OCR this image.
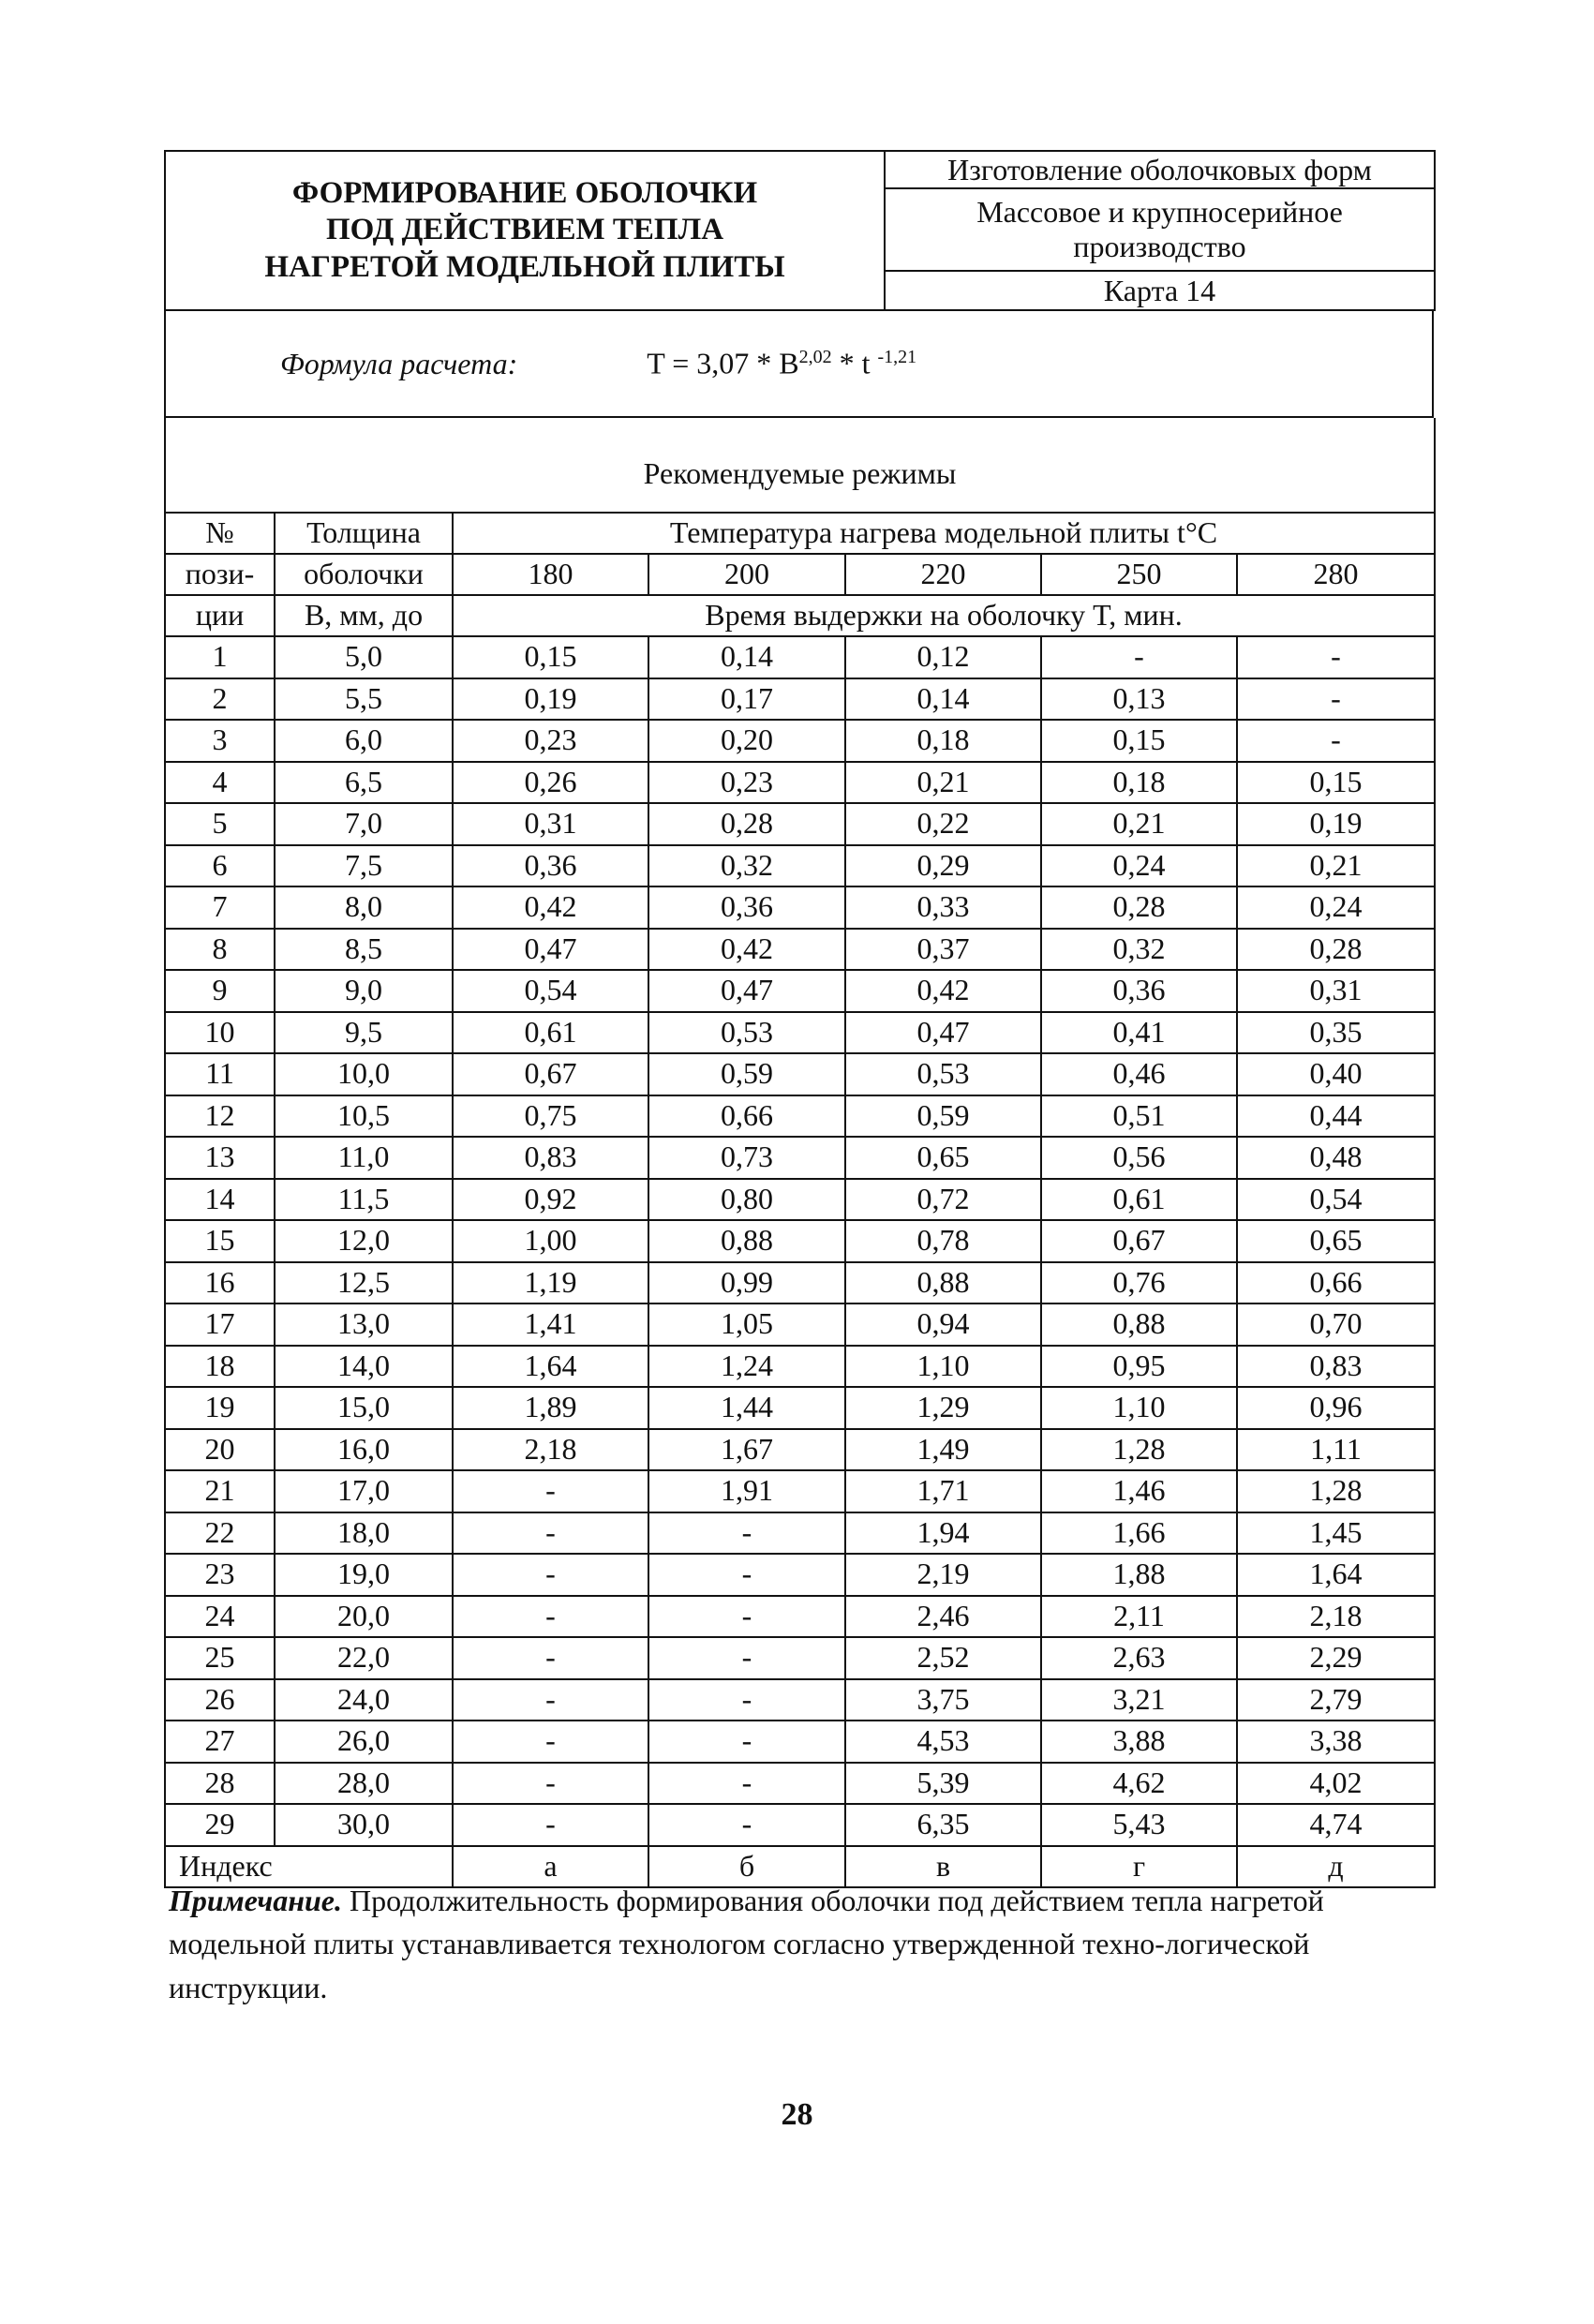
ФОРМИРОВАНИЕ ОБОЛОЧКИ
ПОД ДЕЙСТВИЕМ ТЕПЛА
НАГРЕТОЙ МОДЕЛЬНОЙ ПЛИТЫ
	Изготовление оболочковых форм
Массовое и крупносерийное производство
Карта 14
Формула расчета:	T = 3,07 * B$^{2,02}$ * t $^{-1,21}$
Рекомендуемые режимы						
№	Толщина	Температура нагрева модельной плиты t°C				
пози-	оболочки	180	200	220	250	280
ции	B, мм, до	Время выдержки на оболочку T, мин.				
1	5,0	0,15	0,14	0,12	-	-
2	5,5	0,19	0,17	0,14	0,13	-
3	6,0	0,23	0,20	0,18	0,15	-
4	6,5	0,26	0,23	0,21	0,18	0,15
5	7,0	0,31	0,28	0,22	0,21	0,19
6	7,5	0,36	0,32	0,29	0,24	0,21
7	8,0	0,42	0,36	0,33	0,28	0,24
8	8,5	0,47	0,42	0,37	0,32	0,28
9	9,0	0,54	0,47	0,42	0,36	0,31
10	9,5	0,61	0,53	0,47	0,41	0,35
11	10,0	0,67	0,59	0,53	0,46	0,40
12	10,5	0,75	0,66	0,59	0,51	0,44
13	11,0	0,83	0,73	0,65	0,56	0,48
14	11,5	0,92	0,80	0,72	0,61	0,54
15	12,0	1,00	0,88	0,78	0,67	0,65
16	12,5	1,19	0,99	0,88	0,76	0,66
17	13,0	1,41	1,05	0,94	0,88	0,70
18	14,0	1,64	1,24	1,10	0,95	0,83
19	15,0	1,89	1,44	1,29	1,10	0,96
20	16,0	2,18	1,67	1,49	1,28	1,11
21	17,0	-	1,91	1,71	1,46	1,28
22	18,0	-	-	1,94	1,66	1,45
23	19,0	-	-	2,19	1,88	1,64
24	20,0	-	-	2,46	2,11	2,18
25	22,0	-	-	2,52	2,63	2,29
26	24,0	-	-	3,75	3,21	2,79
27	26,0	-	-	4,53	3,88	3,38
28	28,0	-	-	5,39	4,62	4,02
29	30,0	-	-	6,35	5,43	4,74
Индекс		а	б	в	г	д
Примечание. Продолжительность формирования оболочки под действием тепла нагретой модельной плиты устанавливается технологом согласно утвержденной техно-логической инструкции.
28
